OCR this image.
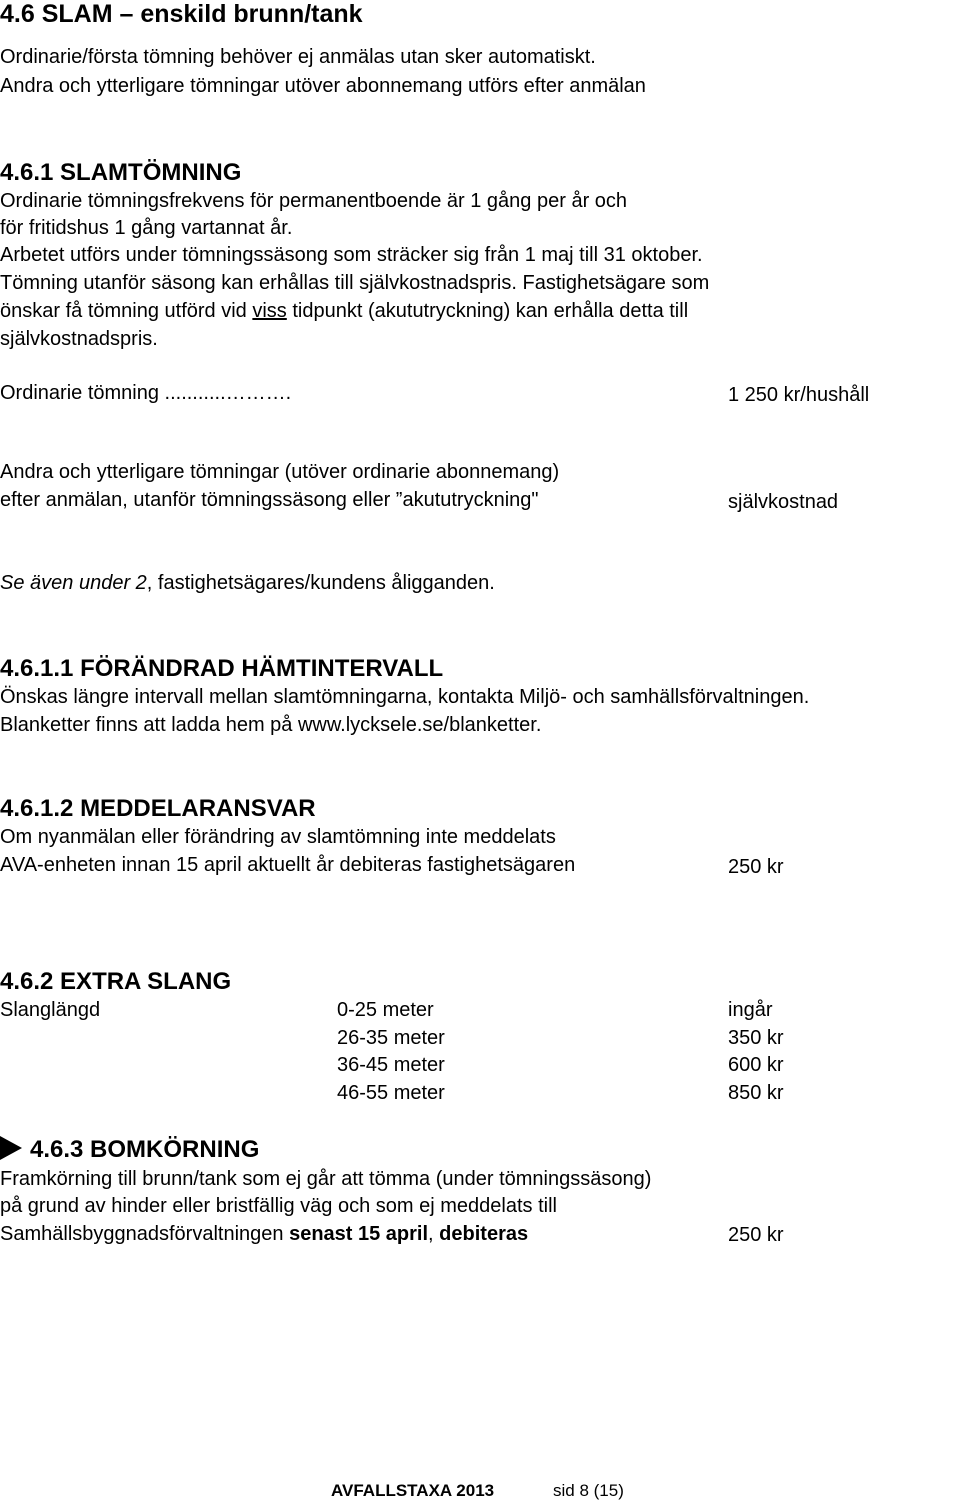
4.6 SLAM – enskild brunn/tank
Ordinarie/första tömning behöver ej anmälas utan sker automatiskt.
Andra och ytterligare tömningar utöver abonnemang utförs efter anmälan
4.6.1 SLAMTÖMNING
Ordinarie tömningsfrekvens för permanentboende är 1 gång per år och
för fritidshus 1 gång vartannat år.
Arbetet utförs under tömningssäsong som sträcker sig från 1 maj till 31 oktober.
Tömning utanför säsong kan erhållas till självkostnadspris. Fastighetsägare som
önskar få tömning utförd vid viss tidpunkt (akututryckning) kan erhålla detta till
självkostnadspris.
Ordinarie tömning ...........……….	1 250 kr/hushåll
Andra och ytterligare tömningar (utöver ordinarie abonnemang)
efter anmälan, utanför tömningssäsong eller ”akututryckning"	självkostnad
Se även under 2, fastighetsägares/kundens åligganden.
4.6.1.1 FÖRÄNDRAD HÄMTINTERVALL
Önskas längre intervall mellan slamtömningarna, kontakta Miljö- och samhällsförvaltningen.
Blanketter finns att ladda hem på www.lycksele.se/blanketter.
4.6.1.2 MEDDELARANSVAR
Om nyanmälan eller förändring av slamtömning inte meddelats
AVA-enheten innan 15 april aktuellt år debiteras fastighetsägaren	250 kr
4.6.2 EXTRA SLANG
Slanglängd	0-25 meter	ingår
26-35 meter	350 kr
36-45 meter	600 kr
46-55 meter	850 kr
4.6.3 BOMKÖRNING
Framkörning till brunn/tank som ej går att tömma (under tömningssäsong)
på grund av hinder eller bristfällig väg och som ej meddelats till
Samhällsbyggnadsförvaltningen senast 15 april, debiteras	250 kr
AVFALLSTAXA 2013	sid 8 (15)
